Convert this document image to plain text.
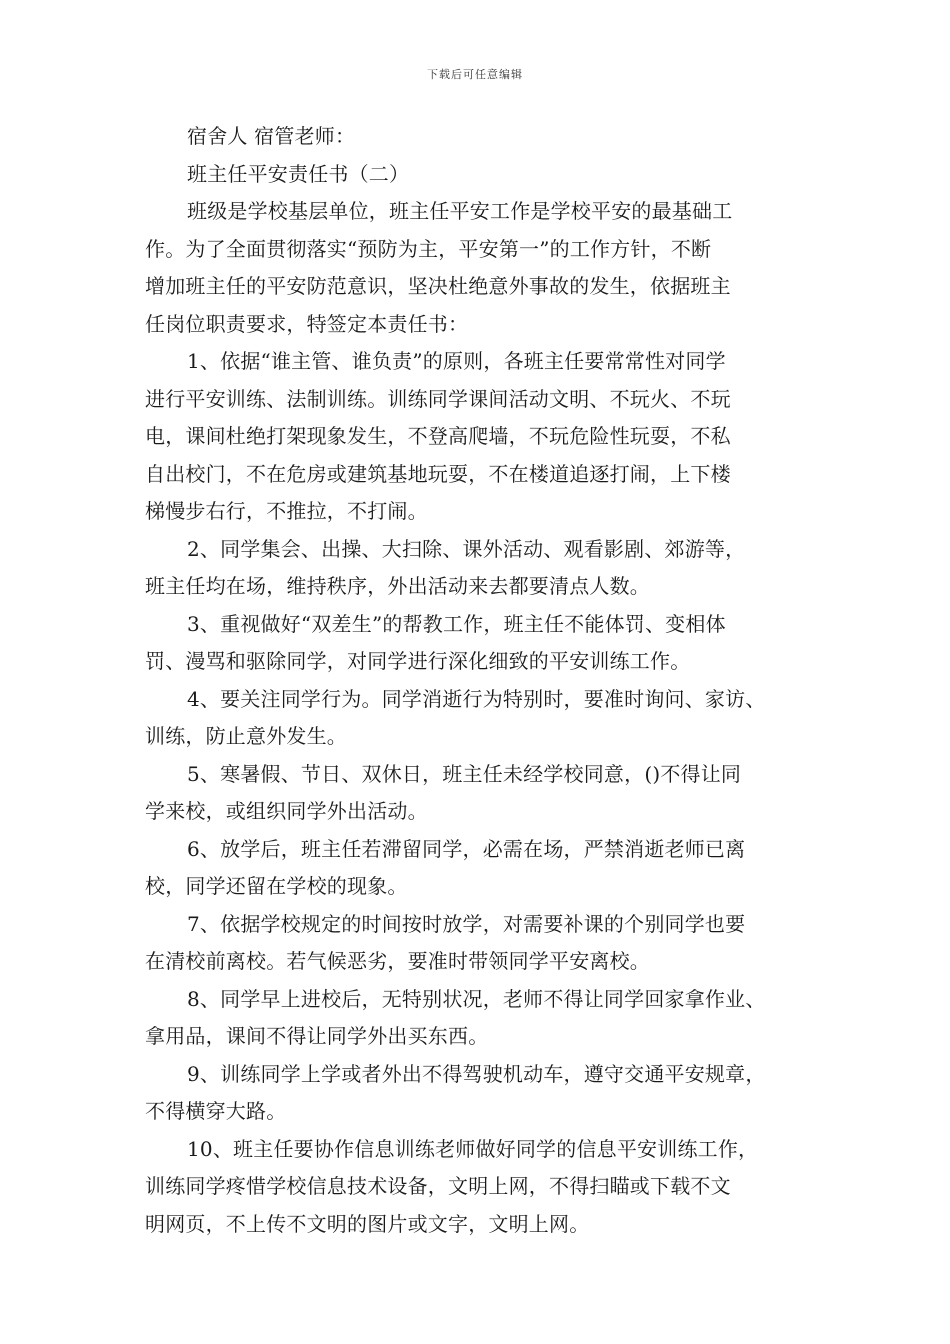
下载后可任意编辑

宿舍人 宿管老师：

班主任平安责任书（二）

班级是学校基层单位，班主任平安工作是学校平安的最基础工

作。为了全面贯彻落实“预防为主，平安第一”的工作方针，不断

增加班主任的平安防范意识，坚决杜绝意外事故的发生，依据班主

任岗位职责要求，特签定本责任书：

1、依据“谁主管、谁负责”的原则，各班主任要常常性对同学

进行平安训练、法制训练。训练同学课间活动文明、不玩火、不玩

电，课间杜绝打架现象发生，不登高爬墙，不玩危险性玩耍，不私

自出校门，不在危房或建筑基地玩耍，不在楼道追逐打闹，上下楼

梯慢步右行，不推拉，不打闹。

2、同学集会、出操、大扫除、课外活动、观看影剧、郊游等，

班主任均在场，维持秩序，外出活动来去都要清点人数。

3、重视做好“双差生”的帮教工作，班主任不能体罚、变相体

罚、漫骂和驱除同学，对同学进行深化细致的平安训练工作。

4、要关注同学行为。同学消逝行为特别时，要准时询问、家访、

训练，防止意外发生。

5、寒暑假、节日、双休日，班主任未经学校同意，()不得让同

学来校，或组织同学外出活动。

6、放学后，班主任若滞留同学，必需在场，严禁消逝老师已离

校，同学还留在学校的现象。

7、依据学校规定的时间按时放学，对需要补课的个别同学也要

在清校前离校。若气候恶劣，要准时带领同学平安离校。

8、同学早上进校后，无特别状况，老师不得让同学回家拿作业、

拿用品，课间不得让同学外出买东西。

9、训练同学上学或者外出不得驾驶机动车，遵守交通平安规章，

不得横穿大路。

10、班主任要协作信息训练老师做好同学的信息平安训练工作，

训练同学疼惜学校信息技术设备，文明上网，不得扫瞄或下载不文

明网页，不上传不文明的图片或文字，文明上网。
